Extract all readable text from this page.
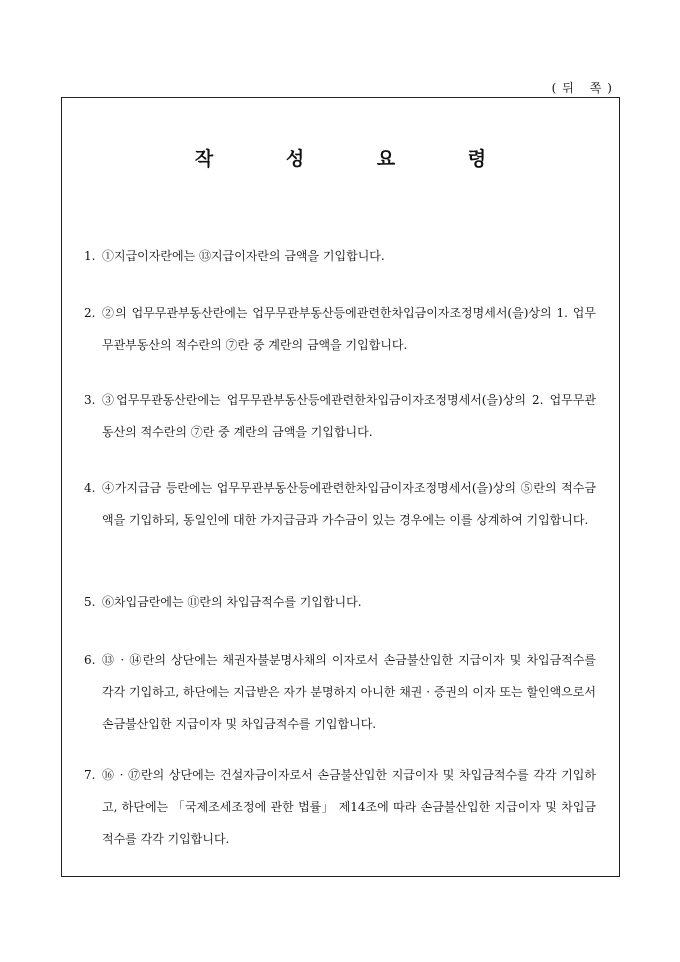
(뒤 쪽)
작 성 요 령
1. ①지급이자란에는 ⑬지급이자란의 금액을 기입합니다.
2. ②의 업무무관부동산란에는 업무무관부동산등에관련한차입금이자조정명세서(을)상의 1. 업무무관부동산의 적수란의 ⑦란 중 계란의 금액을 기입합니다.
3. ③업무무관동산란에는 업무무관부동산등에관련한차입금이자조정명세서(을)상의 2. 업무무관동산의 적수란의 ⑦란 중 계란의 금액을 기입합니다.
4. ④가지급금 등란에는 업무무관부동산등에관련한차입금이자조정명세서(을)상의 ⑤란의 적수금액을 기입하되, 동일인에 대한 가지급금과 가수금이 있는 경우에는 이를 상계하여 기입합니다.
5. ⑥차입금란에는 ⑪란의 차입금적수를 기입합니다.
6. ⑬ · ⑭란의 상단에는 채권자불분명사채의 이자로서 손금불산입한 지급이자 및 차입금적수를 각각 기입하고, 하단에는 지급받은 자가 분명하지 아니한 채권 · 증권의 이자 또는 할인액으로서 손금불산입한 지급이자 및 차입금적수를 기입합니다.
7. ⑯ · ⑰란의 상단에는 건설자금이자로서 손금불산입한 지급이자 및 차입금적수를 각각 기입하고, 하단에는 「국제조세조정에 관한 법률」 제14조에 따라 손금불산입한 지급이자 및 차입금적수를 각각 기입합니다.
